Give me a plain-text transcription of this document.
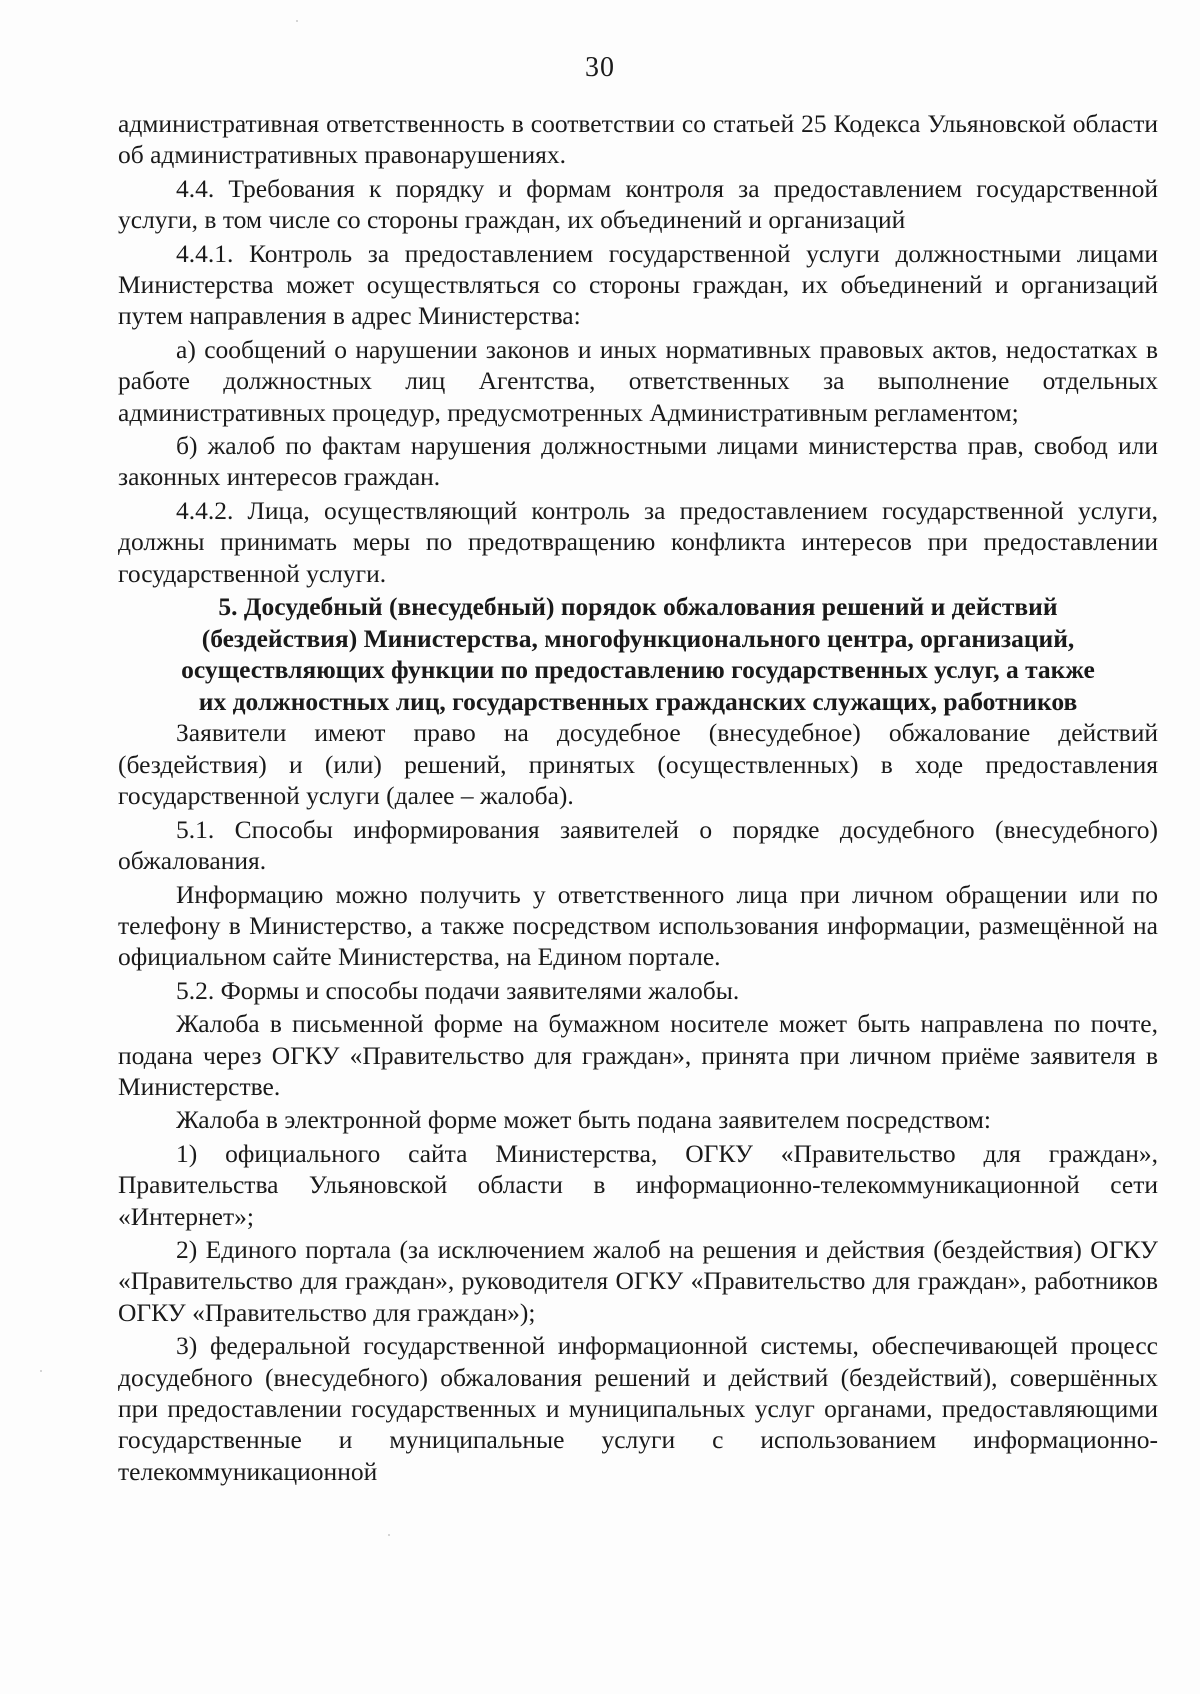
30

административная ответственность в соответствии со статьей 25 Кодекса Ульяновской области об административных правонарушениях.

4.4. Требования к порядку и формам контроля за предоставлением государственной услуги, в том числе со стороны граждан, их объединений и организаций

4.4.1. Контроль за предоставлением государственной услуги должностными лицами Министерства может осуществляться со стороны граждан, их объединений и организаций путем направления в адрес Министерства:

а) сообщений о нарушении законов и иных нормативных правовых актов, недостатках в работе должностных лиц Агентства, ответственных за выполнение отдельных административных процедур, предусмотренных Административным регламентом;

б) жалоб по фактам нарушения должностными лицами министерства прав, свобод или законных интересов граждан.

4.4.2. Лица, осуществляющий контроль за предоставлением государственной услуги, должны принимать меры по предотвращению конфликта интересов при предоставлении государственной услуги.

5. Досудебный (внесудебный) порядок обжалования решений и действий
(бездействия) Министерства, многофункционального центра, организаций,
осуществляющих функции по предоставлению государственных услуг, а также
их должностных лиц, государственных гражданских служащих, работников

Заявители имеют право на досудебное (внесудебное) обжалование действий (бездействия) и (или) решений, принятых (осуществленных) в ходе предоставления государственной услуги (далее – жалоба).

5.1. Способы информирования заявителей о порядке досудебного (внесудебного) обжалования.

Информацию можно получить у ответственного лица при личном обращении или по телефону в Министерство, а также посредством использования информации, размещённой на официальном сайте Министерства, на Едином портале.

5.2. Формы и способы подачи заявителями жалобы.

Жалоба в письменной форме на бумажном носителе может быть направлена по почте, подана через ОГКУ «Правительство для граждан», принята при личном приёме заявителя в Министерстве.

Жалоба в электронной форме может быть подана заявителем посредством:

1) официального сайта Министерства, ОГКУ «Правительство для граждан», Правительства Ульяновской области в информационно-телекоммуникационной сети «Интернет»;

2) Единого портала (за исключением жалоб на решения и действия (бездействия) ОГКУ «Правительство для граждан», руководителя ОГКУ «Правительство для граждан», работников ОГКУ «Правительство для граждан»);

3) федеральной государственной информационной системы, обеспечивающей процесс досудебного (внесудебного) обжалования решений и действий (бездействий), совершённых при предоставлении государственных и муниципальных услуг органами, предоставляющими государственные и муниципальные услуги с использованием информационно-телекоммуникационной
